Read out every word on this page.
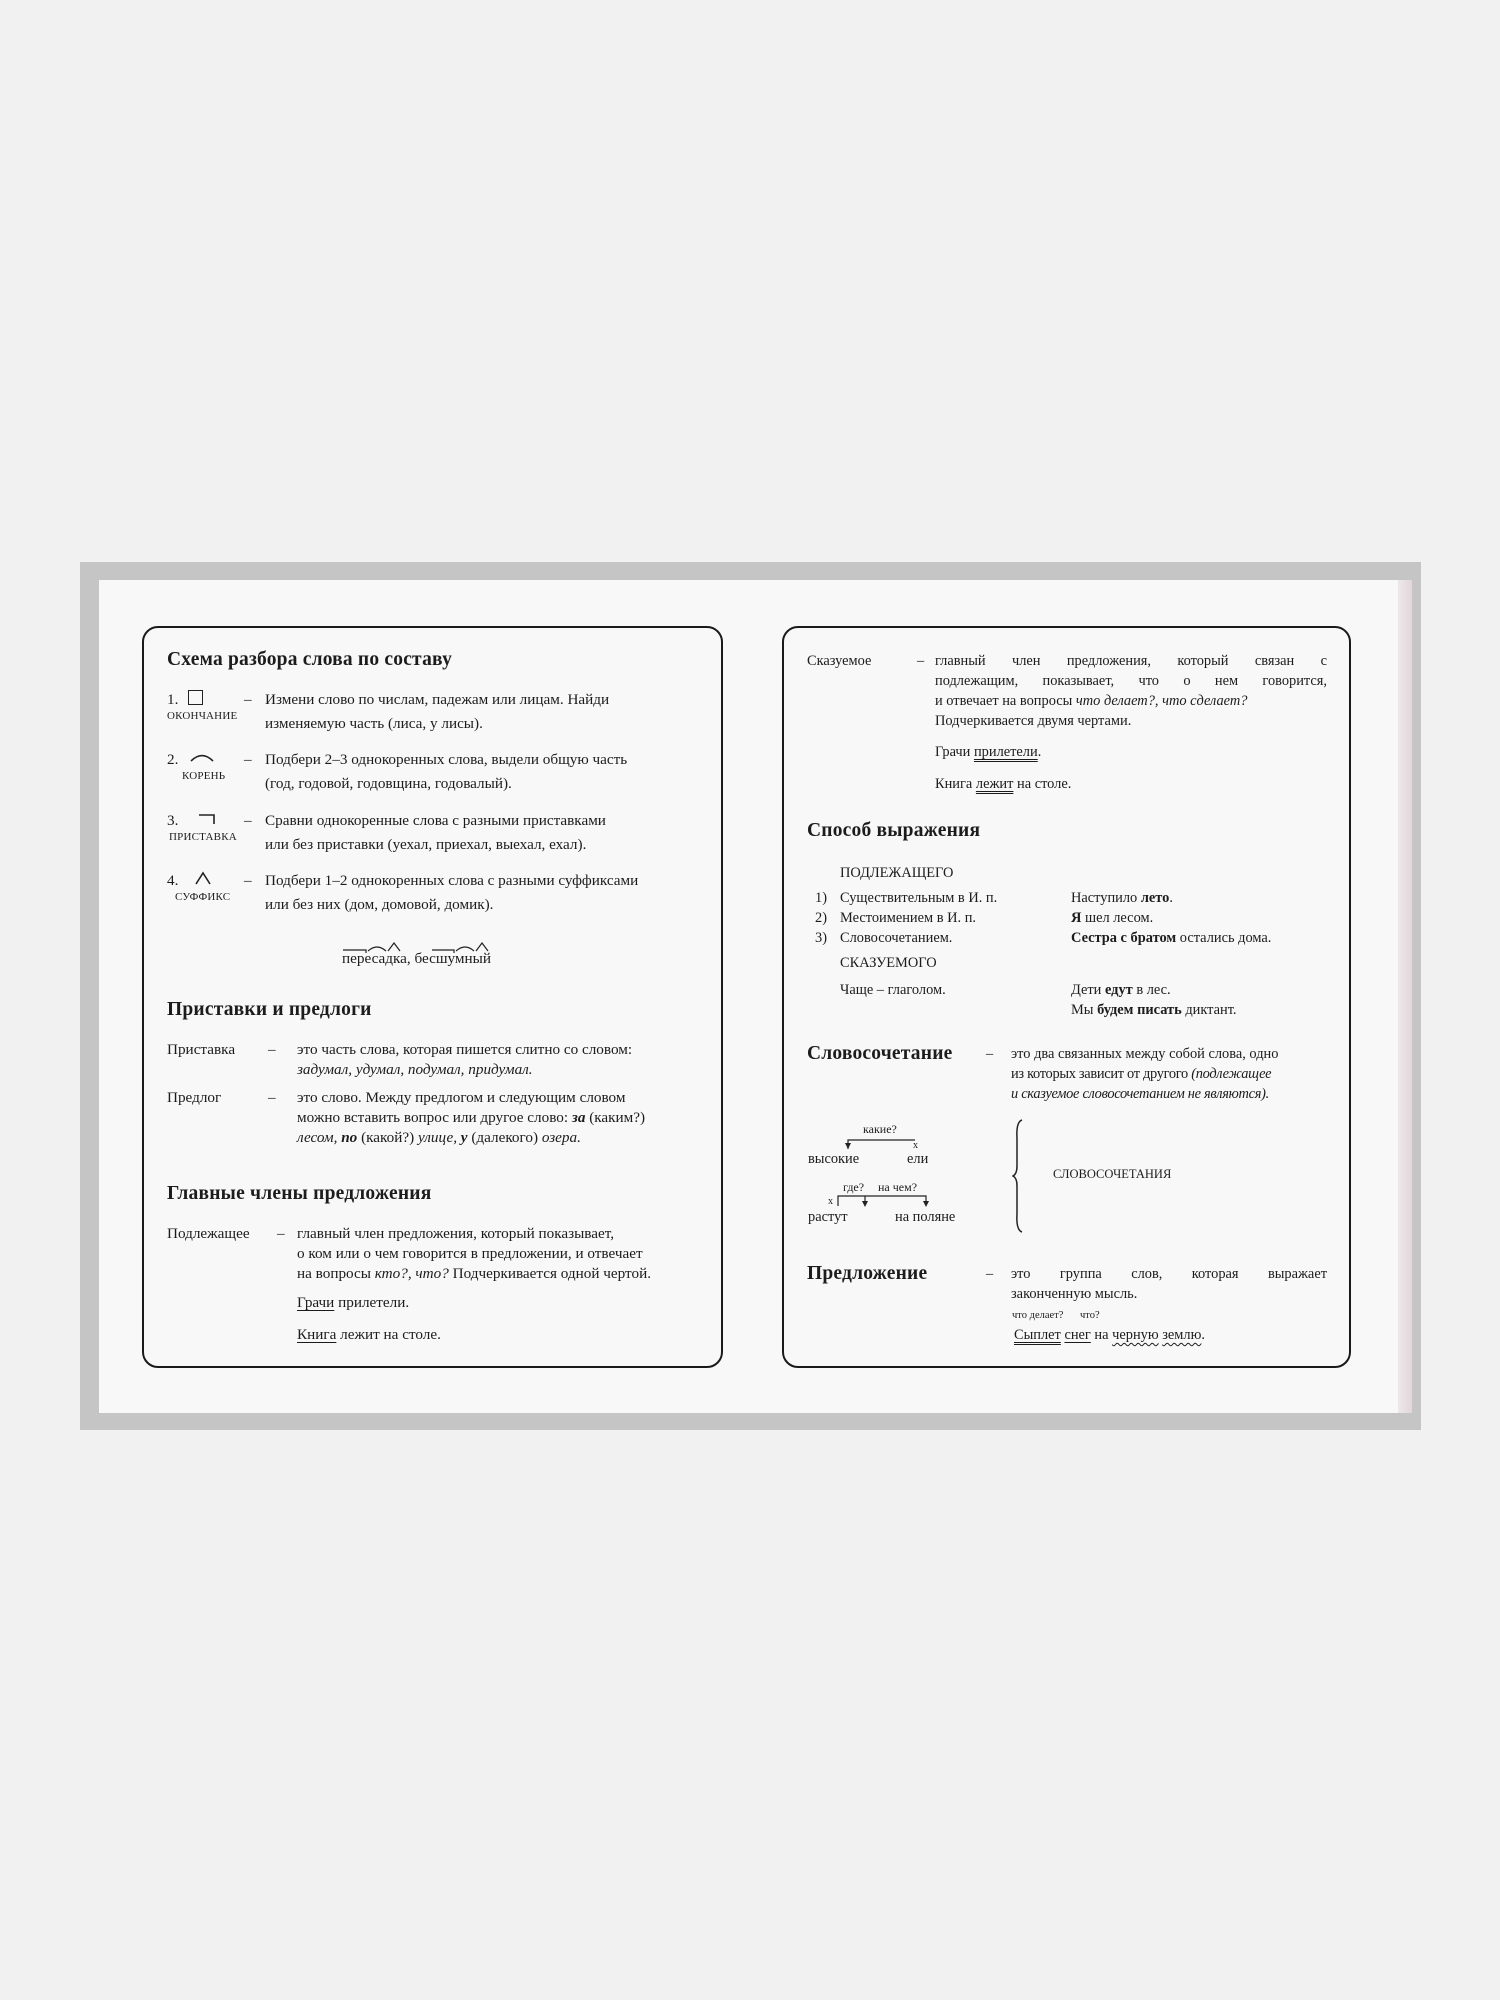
Схема разбора слова по составу
1.
ОКОНЧАНИЕ
– Измени слово по числам, падежам или лицам. Найди
изменяемую часть (лиса, у лисы).
2.
КОРЕНЬ
– Подбери 2–3 однокоренных слова, выдели общую часть
(год, годовой, годовщина, годовалый).
3.
ПРИСТАВКА
– Сравни однокоренные слова с разными приставками
или без приставки (уехал, приехал, выехал, ехал).
4.
СУФФИКС
– Подбери 1–2 однокоренных слова с разными суффиксами
или без них (дом, домовой, домик).
пересадка, бесшумный
Приставки и предлоги
Приставка – это часть слова, которая пишется слитно со словом:
задумал, удумал, подумал, придумал.
Предлог	– это слово. Между предлогом и следующим словом
можно вставить вопрос или другое слово: за (каким?)
лесом, по (какой?) улице, у (далекого) озера.
Главные члены предложения
Подлежащее – главный член предложения, который показывает,
о ком или о чем говорится в предложении, и отвечает
на вопросы кто?, что? Подчеркивается одной чертой.
Грачи прилетели.
Книга лежит на столе.
Сказуемое	– главный член предложения, который связан с
подлежащим, показывает, что о нем говорится,
и отвечает на вопросы что делает?, что сделает?
Подчеркивается двумя чертами.
Грачи прилетели.
Книга лежит на столе.
Способ выражения
ПОДЛЕЖАЩЕГО
1) Существительным в И. п.	Наступило лето.
2) Местоимением в И. п.	Я шел лесом.
3) Словосочетанием.	Сестра с братом остались дома.
СКАЗУЕМОГО
Чаще – глаголом.	Дети едут в лес.
Мы будем писать диктант.
Словосочетание – это два связанных между собой слова, одно
из которых зависит от другого (подлежащее
и сказуемое словосочетанием не являются).
какие?
х
высокие	ели
где? на чем?
х
растут	на поляне
СЛОВОСОЧЕТАНИЯ
Предложение	– это группа слов, которая выражает
законченную мысль.
что делает? что?
Сыплет снег на черную землю.
